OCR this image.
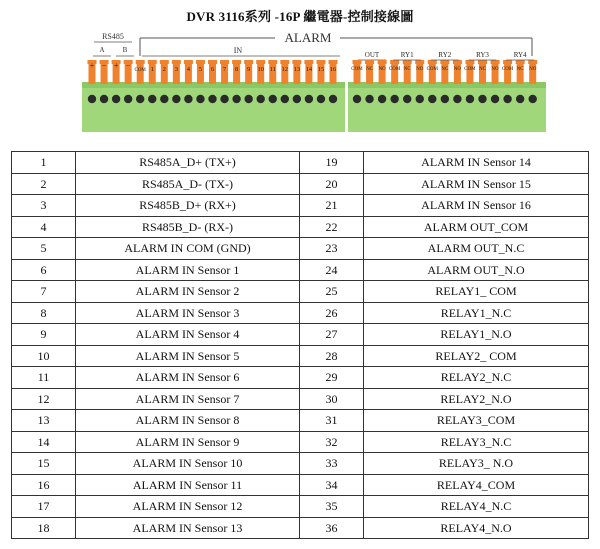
DVR 3116系列 -16P 繼電器-控制接線圖
ALARM
IN
RS485
A	B
OUT
+ − + −
COM 1 2 3 4 5 6 7 8 9 10 11 12 13 14 15 16	COM NC NO COM NC NO COM NC NO COM NC NO COM NC NO
RY1	RY2	RY3	RY4
1	RS485A_D+ (TX+)	19	ALARM IN Sensor 14
2	RS485A_D- (TX-)	20	ALARM IN Sensor 15
3	RS485B_D+ (RX+)	21	ALARM IN Sensor 16
4	RS485B_D- (RX-)	22	ALARM OUT_COM
5	ALARM IN COM (GND)	23	ALARM OUT_N.C
6	ALARM IN Sensor 1	24	ALARM OUT_N.O
7	ALARM IN Sensor 2	25	RELAY1_ COM
8	ALARM IN Sensor 3	26	RELAY1_N.C
9	ALARM IN Sensor 4	27	RELAY1_N.O
10	ALARM IN Sensor 5	28	RELAY2_ COM
11	ALARM IN Sensor 6	29	RELAY2_N.C
12	ALARM IN Sensor 7	30	RELAY2_N.O
13	ALARM IN Sensor 8	31	RELAY3_COM
14	ALARM IN Sensor 9	32	RELAY3_N.C
15	ALARM IN Sensor 10	33	RELAY3_ N.O
16	ALARM IN Sensor 11	34	RELAY4_COM
17	ALARM IN Sensor 12	35	RELAY4_N.C
18	ALARM IN Sensor 13	36	RELAY4_N.O
